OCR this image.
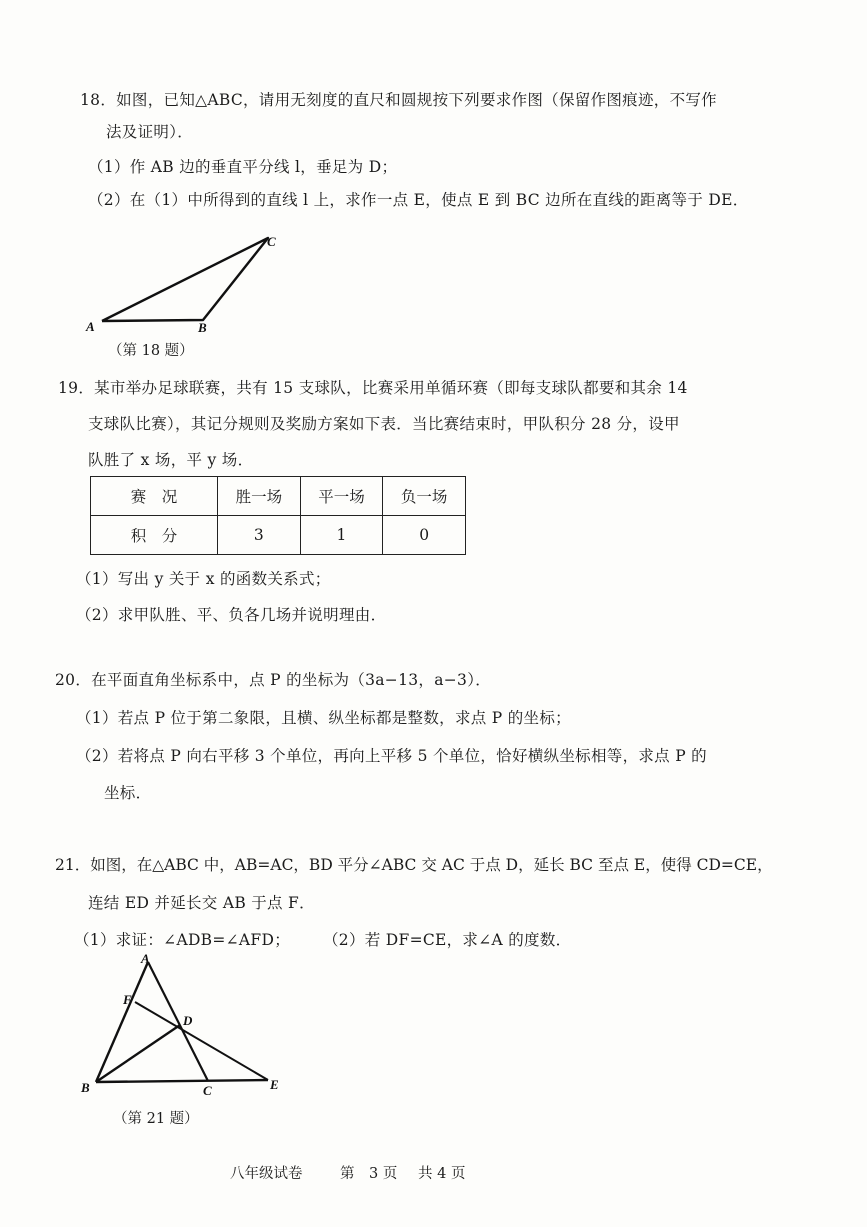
18．如图，已知△ABC，请用无刻度的直尺和圆规按下列要求作图（保留作图痕迹，不写作
法及证明）．
（1）作 AB 边的垂直平分线 l，垂足为 D；
（2）在（1）中所得到的直线 l 上，求作一点 E，使点 E 到 BC 边所在直线的距离等于 DE．
A	B
C
（第 18 题）
19．某市举办足球联赛，共有 15 支球队，比赛采用单循环赛（即每支球队都要和其余 14
支球队比赛），其记分规则及奖励方案如下表．当比赛结束时，甲队积分 28 分，设甲
队胜了 x 场，平 y 场．
赛　况	胜一场	平一场	负一场
积　分	3	1	0
（1）写出 y 关于 x 的函数关系式；
（2）求甲队胜、平、负各几场并说明理由．
20．在平面直角坐标系中，点 P 的坐标为（3a−13，a−3）．
（1）若点 P 位于第二象限，且横、纵坐标都是整数，求点 P 的坐标；
（2）若将点 P 向右平移 3 个单位，再向上平移 5 个单位，恰好横纵坐标相等，求点 P 的
坐标．
21．如图，在△ABC 中，AB=AC，BD 平分∠ABC 交 AC 于点 D，延长 BC 至点 E，使得 CD=CE，
连结 ED 并延长交 AB 于点 F．
（1）求证：∠ADB=∠AFD； （2）若 DF=CE，求∠A 的度数．
A
F
D
B	C	E
（第 21 题）
八年级试卷	第　3 页 共 4 页
